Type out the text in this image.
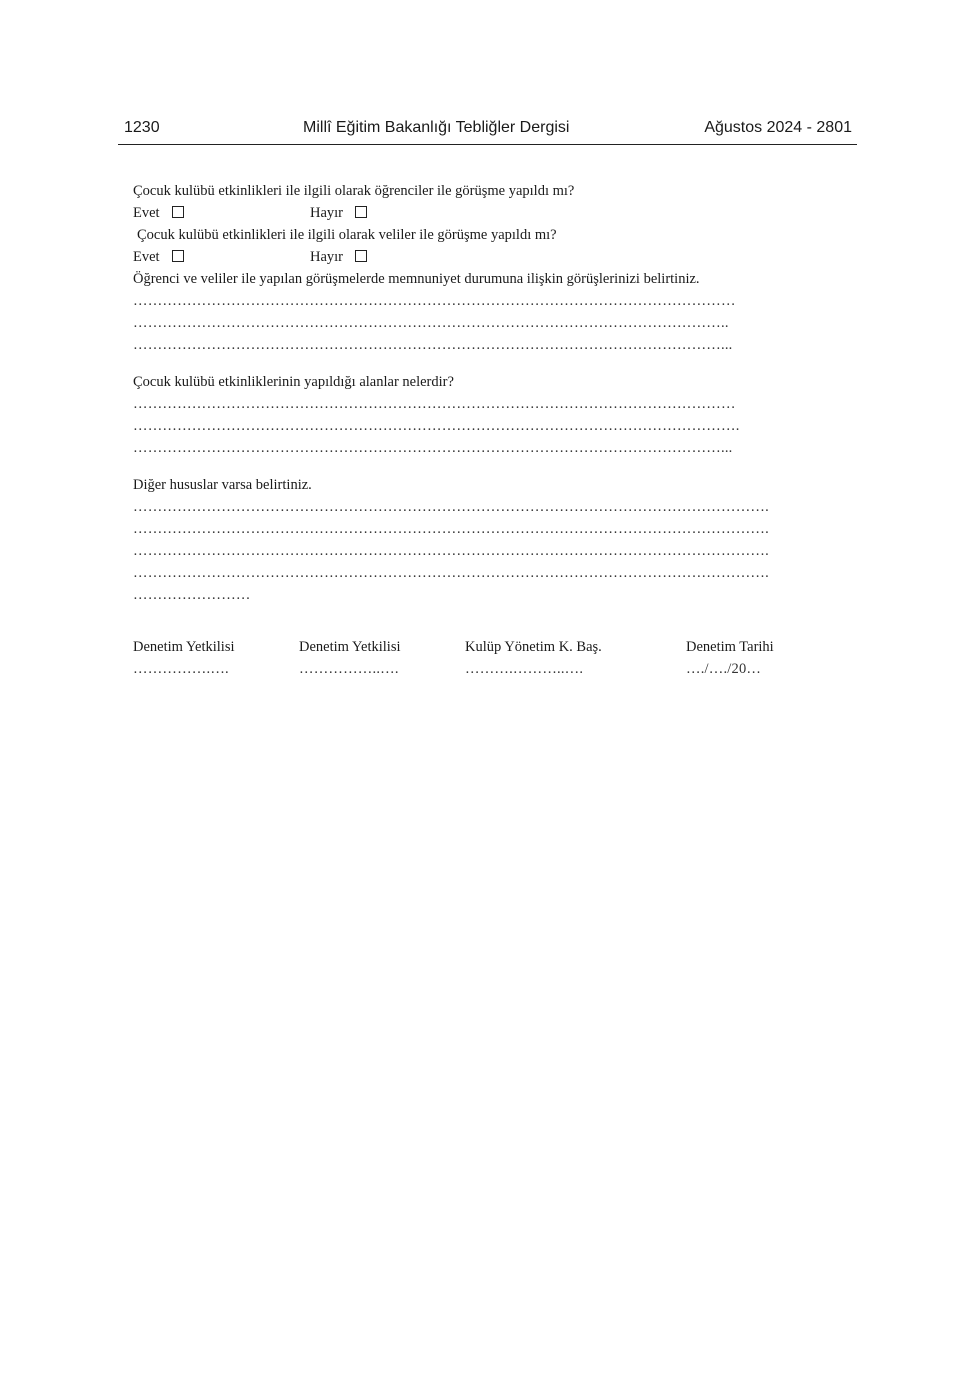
1230	Millî Eğitim Bakanlığı Tebliğler Dergisi	Ağustos 2024 - 2801
Çocuk kulübü etkinlikleri ile ilgili olarak öğrenciler ile görüşme yapıldı mı?
Evet	Hayır
Çocuk kulübü etkinlikleri ile ilgili olarak veliler ile görüşme yapıldı mı?
Evet	Hayır
Öğrenci ve veliler ile yapılan görüşmelerde memnuniyet durumuna ilişkin görüşlerinizi belirtiniz.
……………………………………………………………………………………………………………
…………………………………………………………………………………………………………..
…………………………………………………………………………………………………………...
Çocuk kulübü etkinliklerinin yapıldığı alanlar nelerdir?
……………………………………………………………………………………………………………
…………………………………………………………………………………………………………….
…………………………………………………………………………………………………………...
Diğer hususlar varsa belirtiniz.
………………………………………………………………………………………………………………….
………………………………………………………………………………………………………………….
………………………………………………………………………………………………………………….
………………………………………………………………………………………………………………….
……………………
Denetim Yetkilisi	Denetim Yetkilisi	Kulüp Yönetim K. Baş.	Denetim Tarihi
…………….….	……………..….	……….………..….	…./…./20…
